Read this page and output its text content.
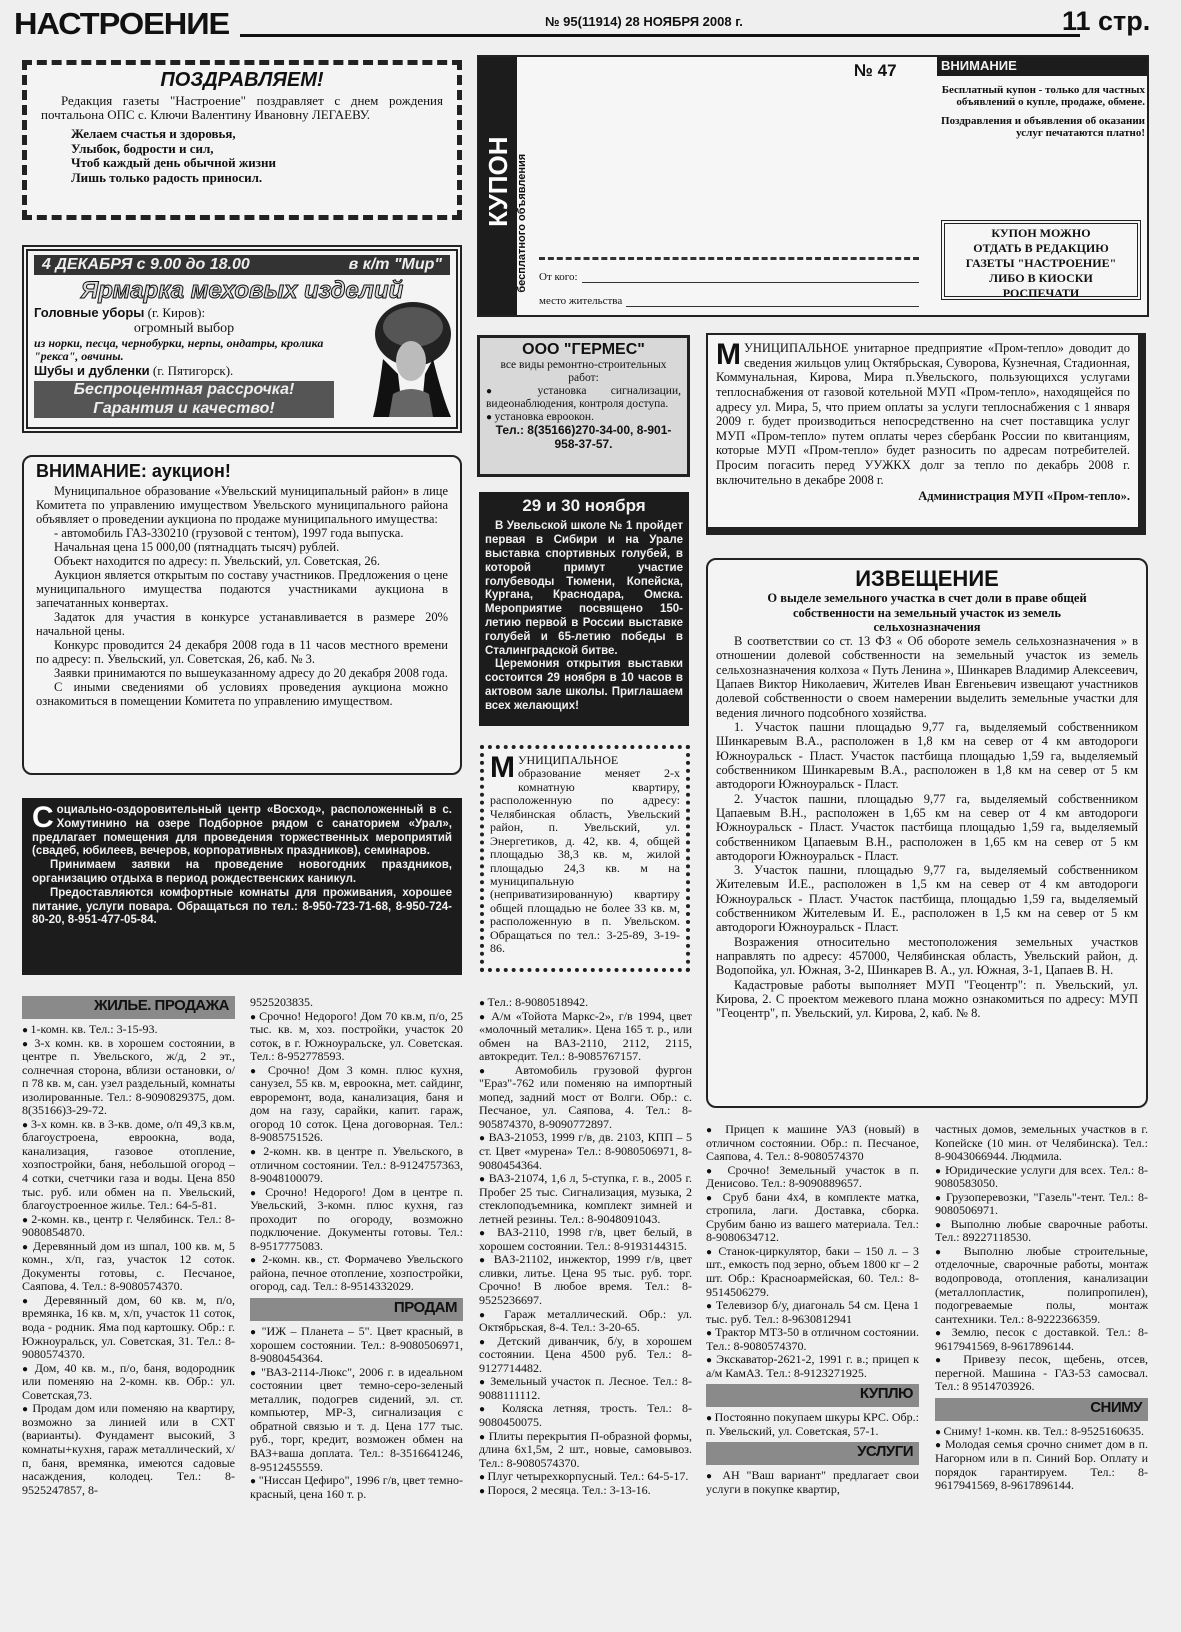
НАСТРОЕНИЕ	№ 95(11914) 28 НОЯБРЯ 2008 г.	11 стр.
ПОЗДРАВЛЯЕМ!

Редакция газеты "Настроение" поздравляет с днем рождения почтальона ОПС с. Ключи Валентину Ивановну ЛЕГАЕВУ.

Желаем счастья и здоровья,
Улыбок, бодрости и сил,
Чтоб каждый день обычной жизни
Лишь только радость приносил.
4 ДЕКАБРЯ с 9.00 до 18.00	в к/т "Мир"
Ярмарка меховых изделий
Головные уборы (г. Киров):
огромный выбор
из норки, песца, чернобурки, нерпы, ондатры, кролика "рекса", овчины.
Шубы и дубленки (г. Пятигорск).
Беспроцентная рассрочка!
Гарантия и качество!
ВНИМАНИЕ: аукцион!

Муниципальное образование «Увельский муниципальный район» в лице Комитета по управлению имуществом Увельского муниципального района объявляет о проведении аукциона по продаже муниципального имущества:

- автомобиль ГАЗ-330210 (грузовой с тентом), 1997 года выпуска.

Начальная цена 15 000,00 (пятнадцать тысяч) рублей.

Объект находится по адресу: п. Увельский, ул. Советская, 26.

Аукцион является открытым по составу участников. Предложения о цене муниципального имущества подаются участниками аукциона в запечатанных конвертах.

Задаток для участия в конкурсе устанавливается в размере 20% начальной цены.

Конкурс проводится 24 декабря 2008 года в 11 часов местного времени по адресу: п. Увельский, ул. Советская, 26, каб. № 3.

Заявки принимаются по вышеуказанному адресу до 20 декабря 2008 года.

С иными сведениями об условиях проведения аукциона можно ознакомиться в помещении Комитета по управлению имуществом.

Социально-оздоровительный центр «Восход», расположенный в с. Хомутинино на озере Подборное рядом с санаторием «Урал», предлагает помещения для проведения торжественных мероприятий (свадеб, юбилеев, вечеров, корпоративных праздников), семинаров.

Принимаем заявки на проведение новогодних праздников, организацию отдыха в период рождественских каникул.

Предоставляются комфортные комнаты для проживания, хорошее питание, услуги повара. Обращаться по тел.: 8-950-723-71-68, 8-950-724-80-20, 8-951-477-05-84.

КУПОН бесплатного объявления
№ 47
От кого:
место жительства
ВНИМАНИЕ

Бесплатный купон - только для частных объявлений о купле, продаже, обмене.

Поздравления и объявления об оказании услуг печатаются платно!

КУПОН МОЖНО
ОТДАТЬ В РЕДАКЦИЮ
ГАЗЕТЫ "НАСТРОЕНИЕ"
ЛИБО В КИОСКИ
РОСПЕЧАТИ
ООО "ГЕРМЕС"
все виды ремонтно-строительных работ:
● установка сигнализации, видеонаблюдения, контроля доступа.
● установка евроокон.
Тел.: 8(35166)270-34-00, 8-901-958-37-57.

МУНИЦИПАЛЬНОЕ унитарное предприятие «Пром-тепло» доводит до сведения жильцов улиц Октябрьская, Суворова, Кузнечная, Стадионная, Коммунальная, Кирова, Мира п.Увельского, пользующихся услугами теплоснабжения от газовой котельной МУП «Пром-тепло», находящейся по адресу ул. Мира, 5, что прием оплаты за услуги теплоснабжения с 1 января 2009 г. будет производиться непосредственно на счет поставщика услуг МУП «Пром-тепло» путем оплаты через сбербанк России по квитанциям, которые МУП «Пром-тепло» будет разносить по адресам потребителей. Просим погасить перед УУЖКХ долг за тепло по декабрь 2008 г. включительно в декабре 2008 г.

Администрация МУП «Пром-тепло».
29 и 30 ноября

В Увельской школе № 1 пройдет первая в Сибири и на Урале выставка спортивных голубей, в которой примут участие голубеводы Тюмени, Копейска, Кургана, Краснодара, Омска. Мероприятие посвящено 150-летию первой в России выставке голубей и 65-летию победы в Сталинградской битве.

Церемония открытия выставки состоится 29 ноября в 10 часов в актовом зале школы. Приглашаем всех желающих!

МУНИЦИПАЛЬНОЕ образование меняет 2-х комнатную квартиру, расположенную по адресу: Челябинская область, Увельский район, п. Увельский, ул. Энергетиков, д. 42, кв. 4, общей площадью 38,3 кв. м, жилой площадью 24,3 кв. м на муниципальную (неприватизированную) квартиру общей площадью не более 33 кв. м, расположенную в п. Увельском. Обращаться по тел.: 3-25-89, 3-19-86.

ИЗВЕЩЕНИЕ
О выделе земельного участка в счет доли в праве общей собственности на земельный участок из земель сельхозназначения

В соответствии со ст. 13 ФЗ « Об обороте земель сельхозназначения » в отношении долевой собственности на земельный участок из земель сельхозназначения колхоза « Путь Ленина », Шинкарев Владимир Алексеевич, Цапаев Виктор Николаевич, Жителев Иван Евгеньевич извещают участников долевой собственности о своем намерении выделить земельные участки для ведения личного подсобного хозяйства.

1. Участок пашни площадью 9,77 га, выделяемый собственником Шинкаревым В.А., расположен в 1,8 км на север от 4 км автодороги Южноуральск - Пласт. Участок пастбища площадью 1,59 га, выделяемый собственником Шинкаревым В.А., расположен в 1,8 км на север от 5 км автодороги Южноуральск - Пласт.

2. Участок пашни, площадью 9,77 га, выделяемый собственником Цапаевым В.Н., расположен в 1,65 км на север от 4 км автодороги Южноуральск - Пласт. Участок пастбища площадью 1,59 га, выделяемый собственником Цапаевым В.Н., расположен в 1,65 км на север от 5 км автодороги Южноуральск - Пласт.

3. Участок пашни, площадью 9,77 га, выделяемый собственником Жителевым И.Е., расположен в 1,5 км на север от 4 км автодороги Южноуральск - Пласт. Участок пастбища, площадью 1,59 га, выделяемый собственником Жителевым И. Е., расположен в 1,5 км на север от 5 км автодороги Южноуральск - Пласт.

Возражения относительно местоположения земельных участков направлять по адресу: 457000, Челябинская область, Увельский район, д. Водопойка, ул. Южная, 3-2, Шинкарев В. А., ул. Южная, 3-1, Цапаев В. Н.

Кадастровые работы выполняет МУП "Геоцентр": п. Увельский, ул. Кирова, 2. С проектом межевого плана можно ознакомиться по адресу: МУП "Геоцентр", п. Увельский, ул. Кирова, 2, каб. № 8.

ЖИЛЬЕ. ПРОДАЖА
● 1-комн. кв. Тел.: 3-15-93.
● 3-х комн. кв. в хорошем состоянии, в центре п. Увельского, ж/д, 2 эт., солнечная сторона, вблизи остановки, о/п 78 кв. м, сан. узел раздельный, комнаты изолированные. Тел.: 8-9090829375, дом. 8(35166)3-29-72.
● 3-х комн. кв. в 3-кв. доме, о/п 49,3 кв.м, благоустроена, евроокна, вода, канализация, газовое отопление, хозпостройки, баня, небольшой огород – 4 сотки, счетчики газа и воды. Цена 850 тыс. руб. или обмен на п. Увельский, благоустроенное жилье. Тел.: 64-5-81.
● 2-комн. кв., центр г. Челябинск. Тел.: 8-9080854870.
● Деревянный дом из шпал, 100 кв. м, 5 комн., х/п, газ, участок 12 соток. Документы готовы, с. Песчаное, Саяпова, 4. Тел.: 8-9080574370.
● Деревянный дом, 60 кв. м, п/о, времянка, 16 кв. м, х/п, участок 11 соток, вода - родник. Яма под картошку. Обр.: г. Южноуральск, ул. Советская, 31. Тел.: 8-9080574370.
● Дом, 40 кв. м., п/о, баня, водородник или поменяю на 2-комн. кв. Обр.: ул. Советская,73.
● Продам дом или поменяю на квартиру, возможно за линией или в СХТ (варианты). Фундамент высокий, 3 комнаты+кухня, гараж металлический, х/п, баня, времянка, имеются садовые насаждения, колодец. Тел.: 8-9525247857, 8-
9525203835.
● Срочно! Недорого! Дом 70 кв.м, п/о, 25 тыс. кв. м, хоз. постройки, участок 20 соток, в г. Южноуральске, ул. Советская. Тел.: 8-952778593.
● Срочно! Дом 3 комн. плюс кухня, санузел, 55 кв. м, евроокна, мет. сайдинг, евроремонт, вода, канализация, баня и дом на газу, сарайки, капит. гараж, огород 10 соток. Цена договорная. Тел.: 8-9085751526.
● 2-комн. кв. в центре п. Увельского, в отличном состоянии. Тел.: 8-9124757363, 8-9048100079.
● Срочно! Недорого! Дом в центре п. Увельский, 3-комн. плюс кухня, газ проходит по огороду, возможно подключение. Документы готовы. Тел.: 8-9517775083.
● 2-комн. кв., ст. Формачево Увельского района, печное отопление, хозпостройки, огород, сад. Тел.: 8-9514332029.
ПРОДАМ
● "ИЖ – Планета – 5". Цвет красный, в хорошем состоянии. Тел.: 8-9080506971, 8-9080454364.
● "ВАЗ-2114-Люкс", 2006 г. в идеальном состоянии цвет темно-серо-зеленый металлик, подогрев сидений, эл. ст. компьютер, МР-3, сигнализация с обратной связью и т. д. Цена 177 тыс. руб., торг, кредит, возможен обмен на ВАЗ+ваша доплата. Тел.: 8-3516641246, 8-9512455559.
● "Ниссан Цефиро", 1996 г/в, цвет темно-красный, цена 160 т. р.
● Тел.: 8-9080518942.
● А/м «Тойота Маркс-2», г/в 1994, цвет «молочный металик». Цена 165 т. р., или обмен на ВАЗ-2110, 2112, 2115, автокредит. Тел.: 8-9085767157.
● Автомобиль грузовой фургон "Ераз"-762 или поменяю на импортный мопед, задний мост от Волги. Обр.: с. Песчаное, ул. Саяпова, 4. Тел.: 8-905874370, 8-9090772897.
● ВАЗ-21053, 1999 г/в, дв. 2103, КПП – 5 ст. Цвет «мурена» Тел.: 8-9080506971, 8-9080454364.
● ВАЗ-21074, 1,6 л, 5-ступка, г. в., 2005 г. Пробег 25 тыс. Сигнализация, музыка, 2 стеклоподъемника, комплект зимней и летней резины. Тел.: 8-9048091043.
● ВАЗ-2110, 1998 г/в, цвет белый, в хорошем состоянии. Тел.: 8-9193144315.
● ВАЗ-21102, инжектор, 1999 г/в, цвет сливки, литье. Цена 95 тыс. руб. торг. Срочно! В любое время. Тел.: 8-9525236697.
● Гараж металлический. Обр.: ул. Октябрьская, 8-4. Тел.: 3-20-65.
● Детский диванчик, б/у, в хорошем состоянии. Цена 4500 руб. Тел.: 8-9127714482.
● Земельный участок п. Лесное. Тел.: 8-9088111112.
● Коляска летняя, трость. Тел.: 8-9080450075.
● Плиты перекрытия П-образной формы, длина 6х1,5м, 2 шт., новые, самовывоз. Тел.: 8-9080574370.
● Плуг четырехкорпусный. Тел.: 64-5-17.
● Порося, 2 месяца. Тел.: 3-13-16.
● Прицеп к машине УАЗ (новый) в отличном состоянии. Обр.: п. Песчаное, Саяпова, 4. Тел.: 8-9080574370
● Срочно! Земельный участок в п. Денисово. Тел.: 8-9090889657.
● Сруб бани 4х4, в комплекте матка, стропила, лаги. Доставка, сборка. Срубим баню из вашего материала. Тел.: 8-9080634712.
● Станок-циркулятор, баки – 150 л. – 3 шт., емкость под зерно, объем 1800 кг – 2 шт. Обр.: Красноармейская, 60. Тел.: 8-9514506279.
● Телевизор б/у, диагональ 54 см. Цена 1 тыс. руб. Тел.: 8-9630812941
● Трактор МТЗ-50 в отличном состоянии. Тел.: 8-9080574370.
● Экскаватор-2621-2, 1991 г. в.; прицеп к а/м КамАЗ. Тел.: 8-9123271925.
КУПЛЮ
● Постоянно покупаем шкуры КРС. Обр.: п. Увельский, ул. Советская, 57-1.
УСЛУГИ
● АН "Ваш вариант" предлагает свои услуги в покупке квартир,
частных домов, земельных участков в г. Копейске (10 мин. от Челябинска). Тел.: 8-9043066944. Людмила.
● Юридические услуги для всех. Тел.: 8-9080583050.
● Грузоперевозки, "Газель"-тент. Тел.: 8-9080506971.
● Выполню любые сварочные работы. Тел.: 89227118530.
● Выполню любые строительные, отделочные, сварочные работы, монтаж водопровода, отопления, канализации (металлопластик, полипропилен), подогреваемые полы, монтаж сантехники. Тел.: 8-9222366359.
● Землю, песок с доставкой. Тел.: 8-9617941569, 8-9617896144.
● Привезу песок, щебень, отсев, перегной. Машина - ГАЗ-53 самосвал. Тел.: 8 9514703926.
СНИМУ
● Сниму! 1-комн. кв. Тел.: 8-9525160635.
● Молодая семья срочно снимет дом в п. Нагорном или в п. Синий Бор. Оплату и порядок гарантируем. Тел.: 8-9617941569, 8-9617896144.
